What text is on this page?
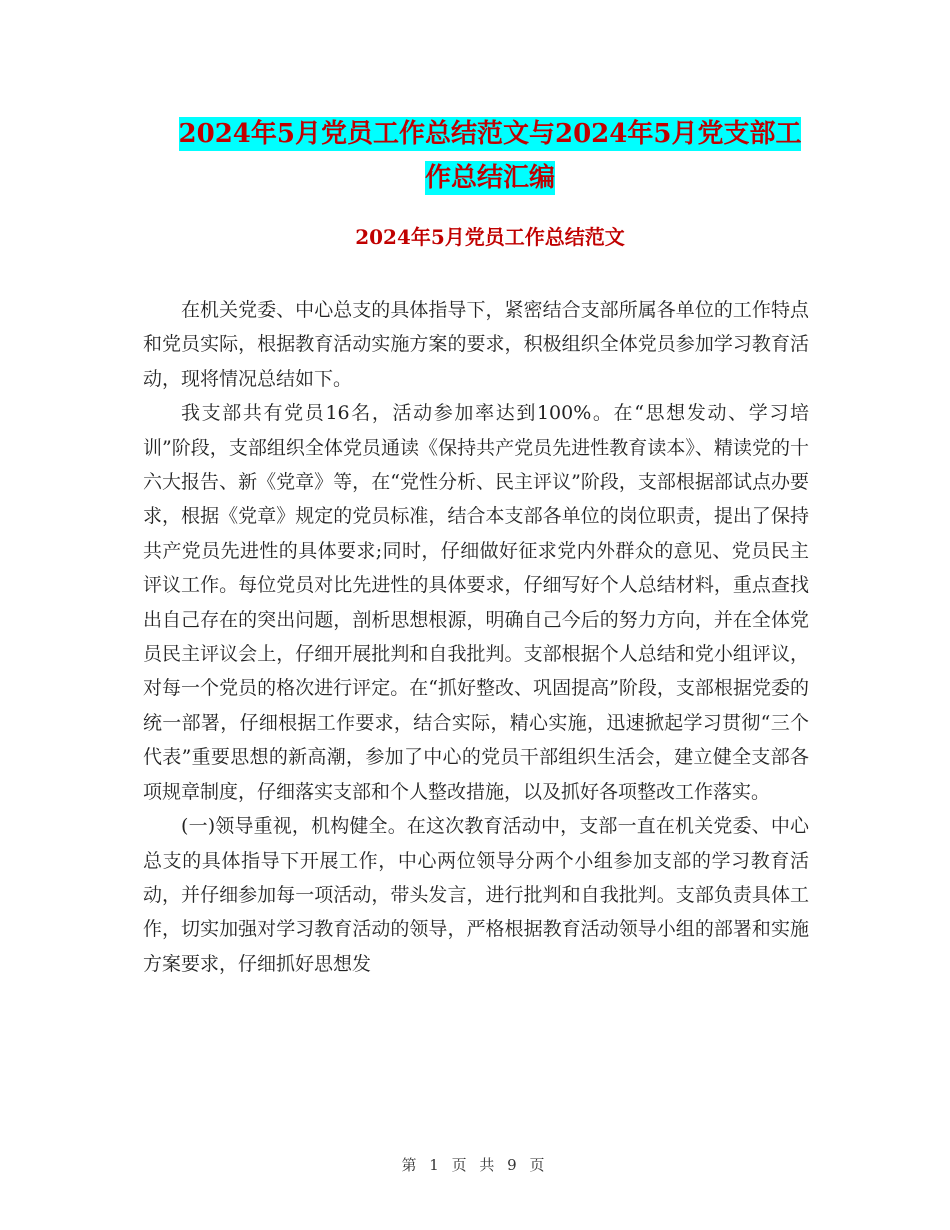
2024年5月党员工作总结范文与2024年5月党支部工
作总结汇编
2024年5月党员工作总结范文

在机关党委、中心总支的具体指导下，紧密结合支部所属各单位的工作特点和党员实际，根据教育活动实施方案的要求，积极组织全体党员参加学习教育活动，现将情况总结如下。

我支部共有党员16名，活动参加率达到100%。在“思想发动、学习培训”阶段，支部组织全体党员通读《保持共产党员先进性教育读本》、精读党的十六大报告、新《党章》等，在“党性分析、民主评议”阶段，支部根据部试点办要求，根据《党章》规定的党员标准，结合本支部各单位的岗位职责，提出了保持共产党员先进性的具体要求;同时，仔细做好征求党内外群众的意见、党员民主评议工作。每位党员对比先进性的具体要求，仔细写好个人总结材料，重点查找出自己存在的突出问题，剖析思想根源，明确自己今后的努力方向，并在全体党员民主评议会上，仔细开展批判和自我批判。支部根据个人总结和党小组评议，对每一个党员的格次进行评定。在“抓好整改、巩固提高”阶段，支部根据党委的统一部署，仔细根据工作要求，结合实际，精心实施，迅速掀起学习贯彻“三个代表”重要思想的新高潮，参加了中心的党员干部组织生活会，建立健全支部各项规章制度，仔细落实支部和个人整改措施，以及抓好各项整改工作落实。

(一)领导重视，机构健全。在这次教育活动中，支部一直在机关党委、中心总支的具体指导下开展工作，中心两位领导分两个小组参加支部的学习教育活动，并仔细参加每一项活动，带头发言，进行批判和自我批判。支部负责具体工作，切实加强对学习教育活动的领导，严格根据教育活动领导小组的部署和实施方案要求，仔细抓好思想发

第 1 页 共 9 页
